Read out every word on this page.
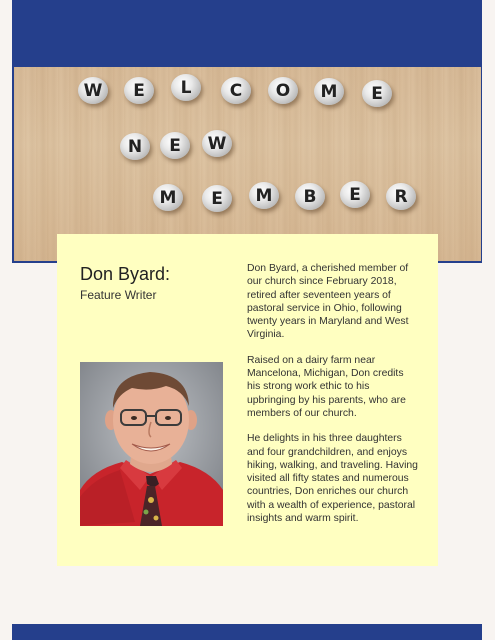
W	E	L	C	O	M	E
N	E	W
M	E	M	B	E	R
Don Byard:
Feature Writer

Don Byard, a cherished member of our church since February 2018, retired after seventeen years of pastoral service in Ohio, following twenty years in Maryland and West Virginia.

Raised on a dairy farm near Mancelona, Michigan, Don credits his strong work ethic to his upbringing by his parents, who are members of our church.

He delights in his three daughters and four grandchildren, and enjoys hiking, walking, and traveling. Having visited all fifty states and numerous countries, Don enriches our church with a wealth of experience, pastoral insights and warm spirit.
